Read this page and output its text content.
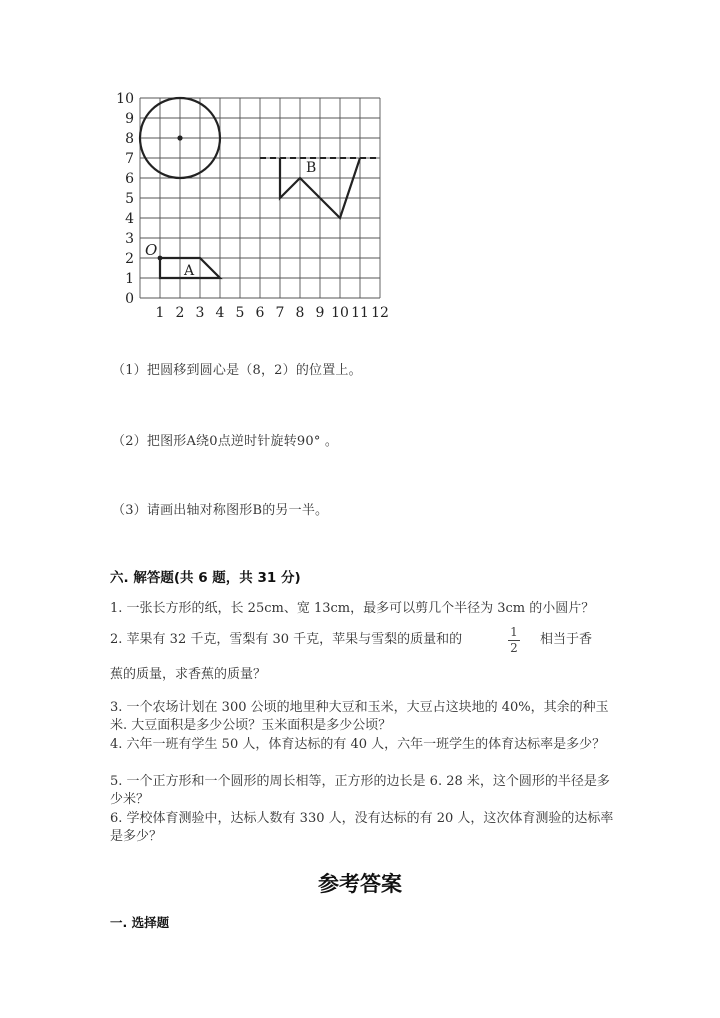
1 2 3 4 5 6 7 8 9 10 11 12
0
1
2
3
4
5
6
7
8
9
10
O
A
B
（1）把圆移到圆心是（8，2）的位置上。
（2）把图形A绕0点逆时针旋转90° 。
（3）请画出轴对称图形B的另一半。
六. 解答题(共 6 题，共 31 分)
1. 一张长方形的纸，长 25cm、宽 13cm，最多可以剪几个半径为 3cm 的小圆片？
2. 苹果有 32 千克，雪梨有 30 千克，苹果与雪梨的质量和的	1
2
相当于香
蕉的质量，求香蕉的质量？
3. 一个农场计划在 300 公顷的地里种大豆和玉米，大豆占这块地的 40%，其余的种玉米. 大豆面积是多少公顷？玉米面积是多少公顷？
4. 六年一班有学生 50 人，体育达标的有 40 人，六年一班学生的体育达标率是多少？
5. 一个正方形和一个圆形的周长相等，正方形的边长是 6. 28 米，这个圆形的半径是多少米？
6. 学校体育测验中，达标人数有 330 人，没有达标的有 20 人，这次体育测验的达标率是多少？
参考答案
一. 选择题
